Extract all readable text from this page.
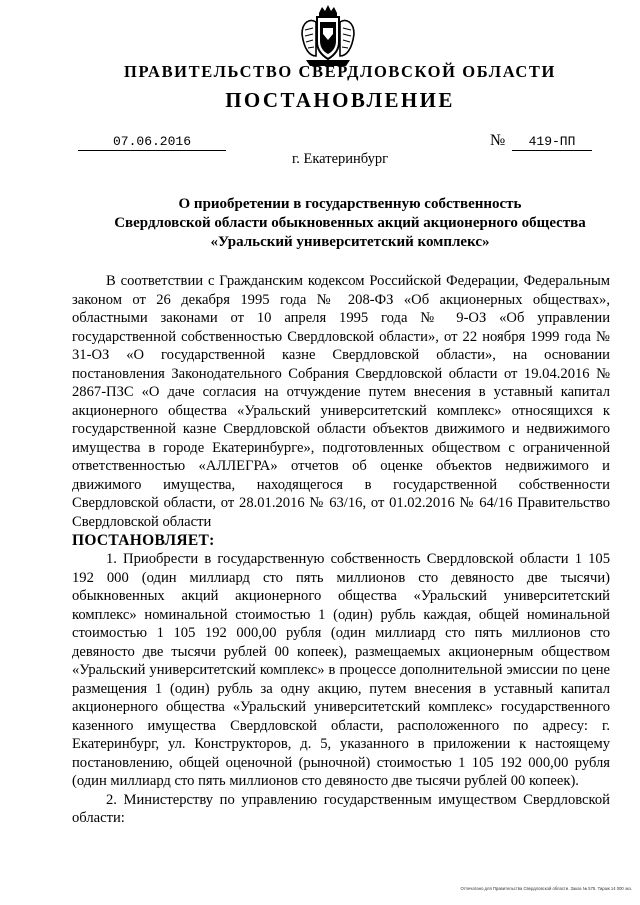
ПРАВИТЕЛЬСТВО СВЕРДЛОВСКОЙ ОБЛАСТИ
ПОСТАНОВЛЕНИЕ
07.06.2016	№	419-ПП
г. Екатеринбург
О приобретении в государственную собственность
Свердловской области обыкновенных акций акционерного общества
«Уральский университетский комплекс»

В соответствии с Гражданским кодексом Российской Федерации, Федеральным законом от 26 декабря 1995 года № 208-ФЗ «Об акционерных обществах», областными законами от 10 апреля 1995 года № 9-ОЗ «Об управлении государственной собственностью Свердловской области», от 22 ноября 1999 года № 31-ОЗ «О государственной казне Свердловской области», на основании постановления Законодательного Собрания Свердловской области от 19.04.2016 № 2867-ПЗС «О даче согласия на отчуждение путем внесения в уставный капитал акционерного общества «Уральский университетский комплекс» относящихся к государственной казне Свердловской области объектов движимого и недвижимого имущества в городе Екатеринбурге», подготовленных обществом с ограниченной ответственностью «АЛЛЕГРА» отчетов об оценке объектов недвижимого и движимого имущества, находящегося в государственной собственности Свердловской области, от 28.01.2016 № 63/16, от 01.02.2016 № 64/16 Правительство Свердловской области

ПОСТАНОВЛЯЕТ:

1. Приобрести в государственную собственность Свердловской области 1 105 192 000 (один миллиард сто пять миллионов сто девяносто две тысячи) обыкновенных акций акционерного общества «Уральский университетский комплекс» номинальной стоимостью 1 (один) рубль каждая, общей номинальной стоимостью 1 105 192 000,00 рубля (один миллиард сто пять миллионов сто девяносто две тысячи рублей 00 копеек), размещаемых акционерным обществом «Уральский университетский комплекс» в процессе дополнительной эмиссии по цене размещения 1 (один) рубль за одну акцию, путем внесения в уставный капитал акционерного общества «Уральский университетский комплекс» государственного казенного имущества Свердловской области, расположенного по адресу: г. Екатеринбург, ул. Конструкторов, д. 5, указанного в приложении к настоящему постановлению, общей оценочной (рыночной) стоимостью 1 105 192 000,00 рубля (один миллиард сто пять миллионов сто девяносто две тысячи рублей 00 копеек).

2. Министерству по управлению государственным имуществом Свердловской области:

Отпечатано для Правительства Свердловской области. Заказ № 575. Тираж 14 000 экз.
